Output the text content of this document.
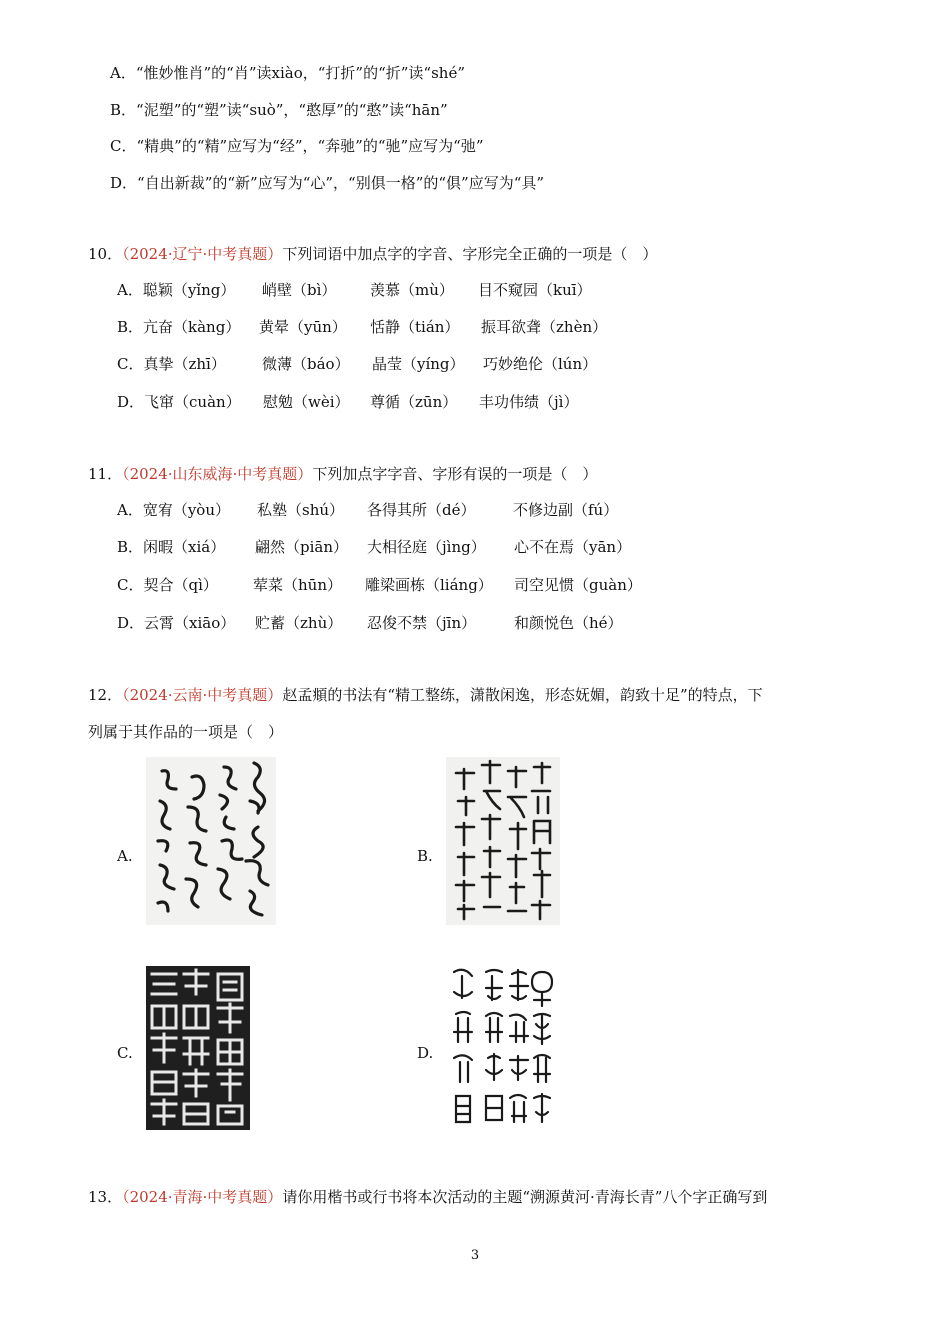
A．“惟妙惟肖”的“肖”读xiào，“打折”的“折”读“shé”
B．“泥塑”的“塑”读“suò”，“憨厚”的“憨”读“hān”
C．“精典”的“精”应写为“经”，“奔驰”的“驰”应写为“弛”
D．“自出新裁”的“新”应写为“心”，“别俱一格”的“俱”应写为“具”
10．（2024·辽宁·中考真题）下列词语中加点字的字音、字形完全正确的一项是（　）
A．聪颖（yǐng） 峭壁（bì） 羡慕（mù） 目不窥园（kuī）
B．亢奋（kàng） 黄晕（yūn） 恬静（tián） 振耳欲聋（zhèn）
C．真挚（zhī） 微薄（báo） 晶莹（yíng） 巧妙绝伦（lún）
D．飞窜（cuàn） 慰勉（wèi） 尊循（zūn） 丰功伟绩（jì）
11．（2024·山东威海·中考真题）下列加点字字音、字形有误的一项是（　）
A．宽宥（yòu） 私塾（shú） 各得其所（dé）	不修边副（fú）
B．闲暇（xiá） 翩然（piān） 大相径庭（jìng） 心不在焉（yān）
C．契合（qì） 荤菜（hūn） 雕梁画栋（liáng） 司空见惯（guàn）
D．云霄（xiāo） 贮蓄（zhù） 忍俊不禁（jīn）	和颜悦色（hé）
12．（2024·云南·中考真题）赵孟頫的书法有“精工整练，潇散闲逸，形态妩媚，韵致十足”的特点，下
列属于其作品的一项是（　）
A.	B.
C.	D.
13．（2024·青海·中考真题）请你用楷书或行书将本次活动的主题“溯源黄河·青海长青”八个字正确写到
3
